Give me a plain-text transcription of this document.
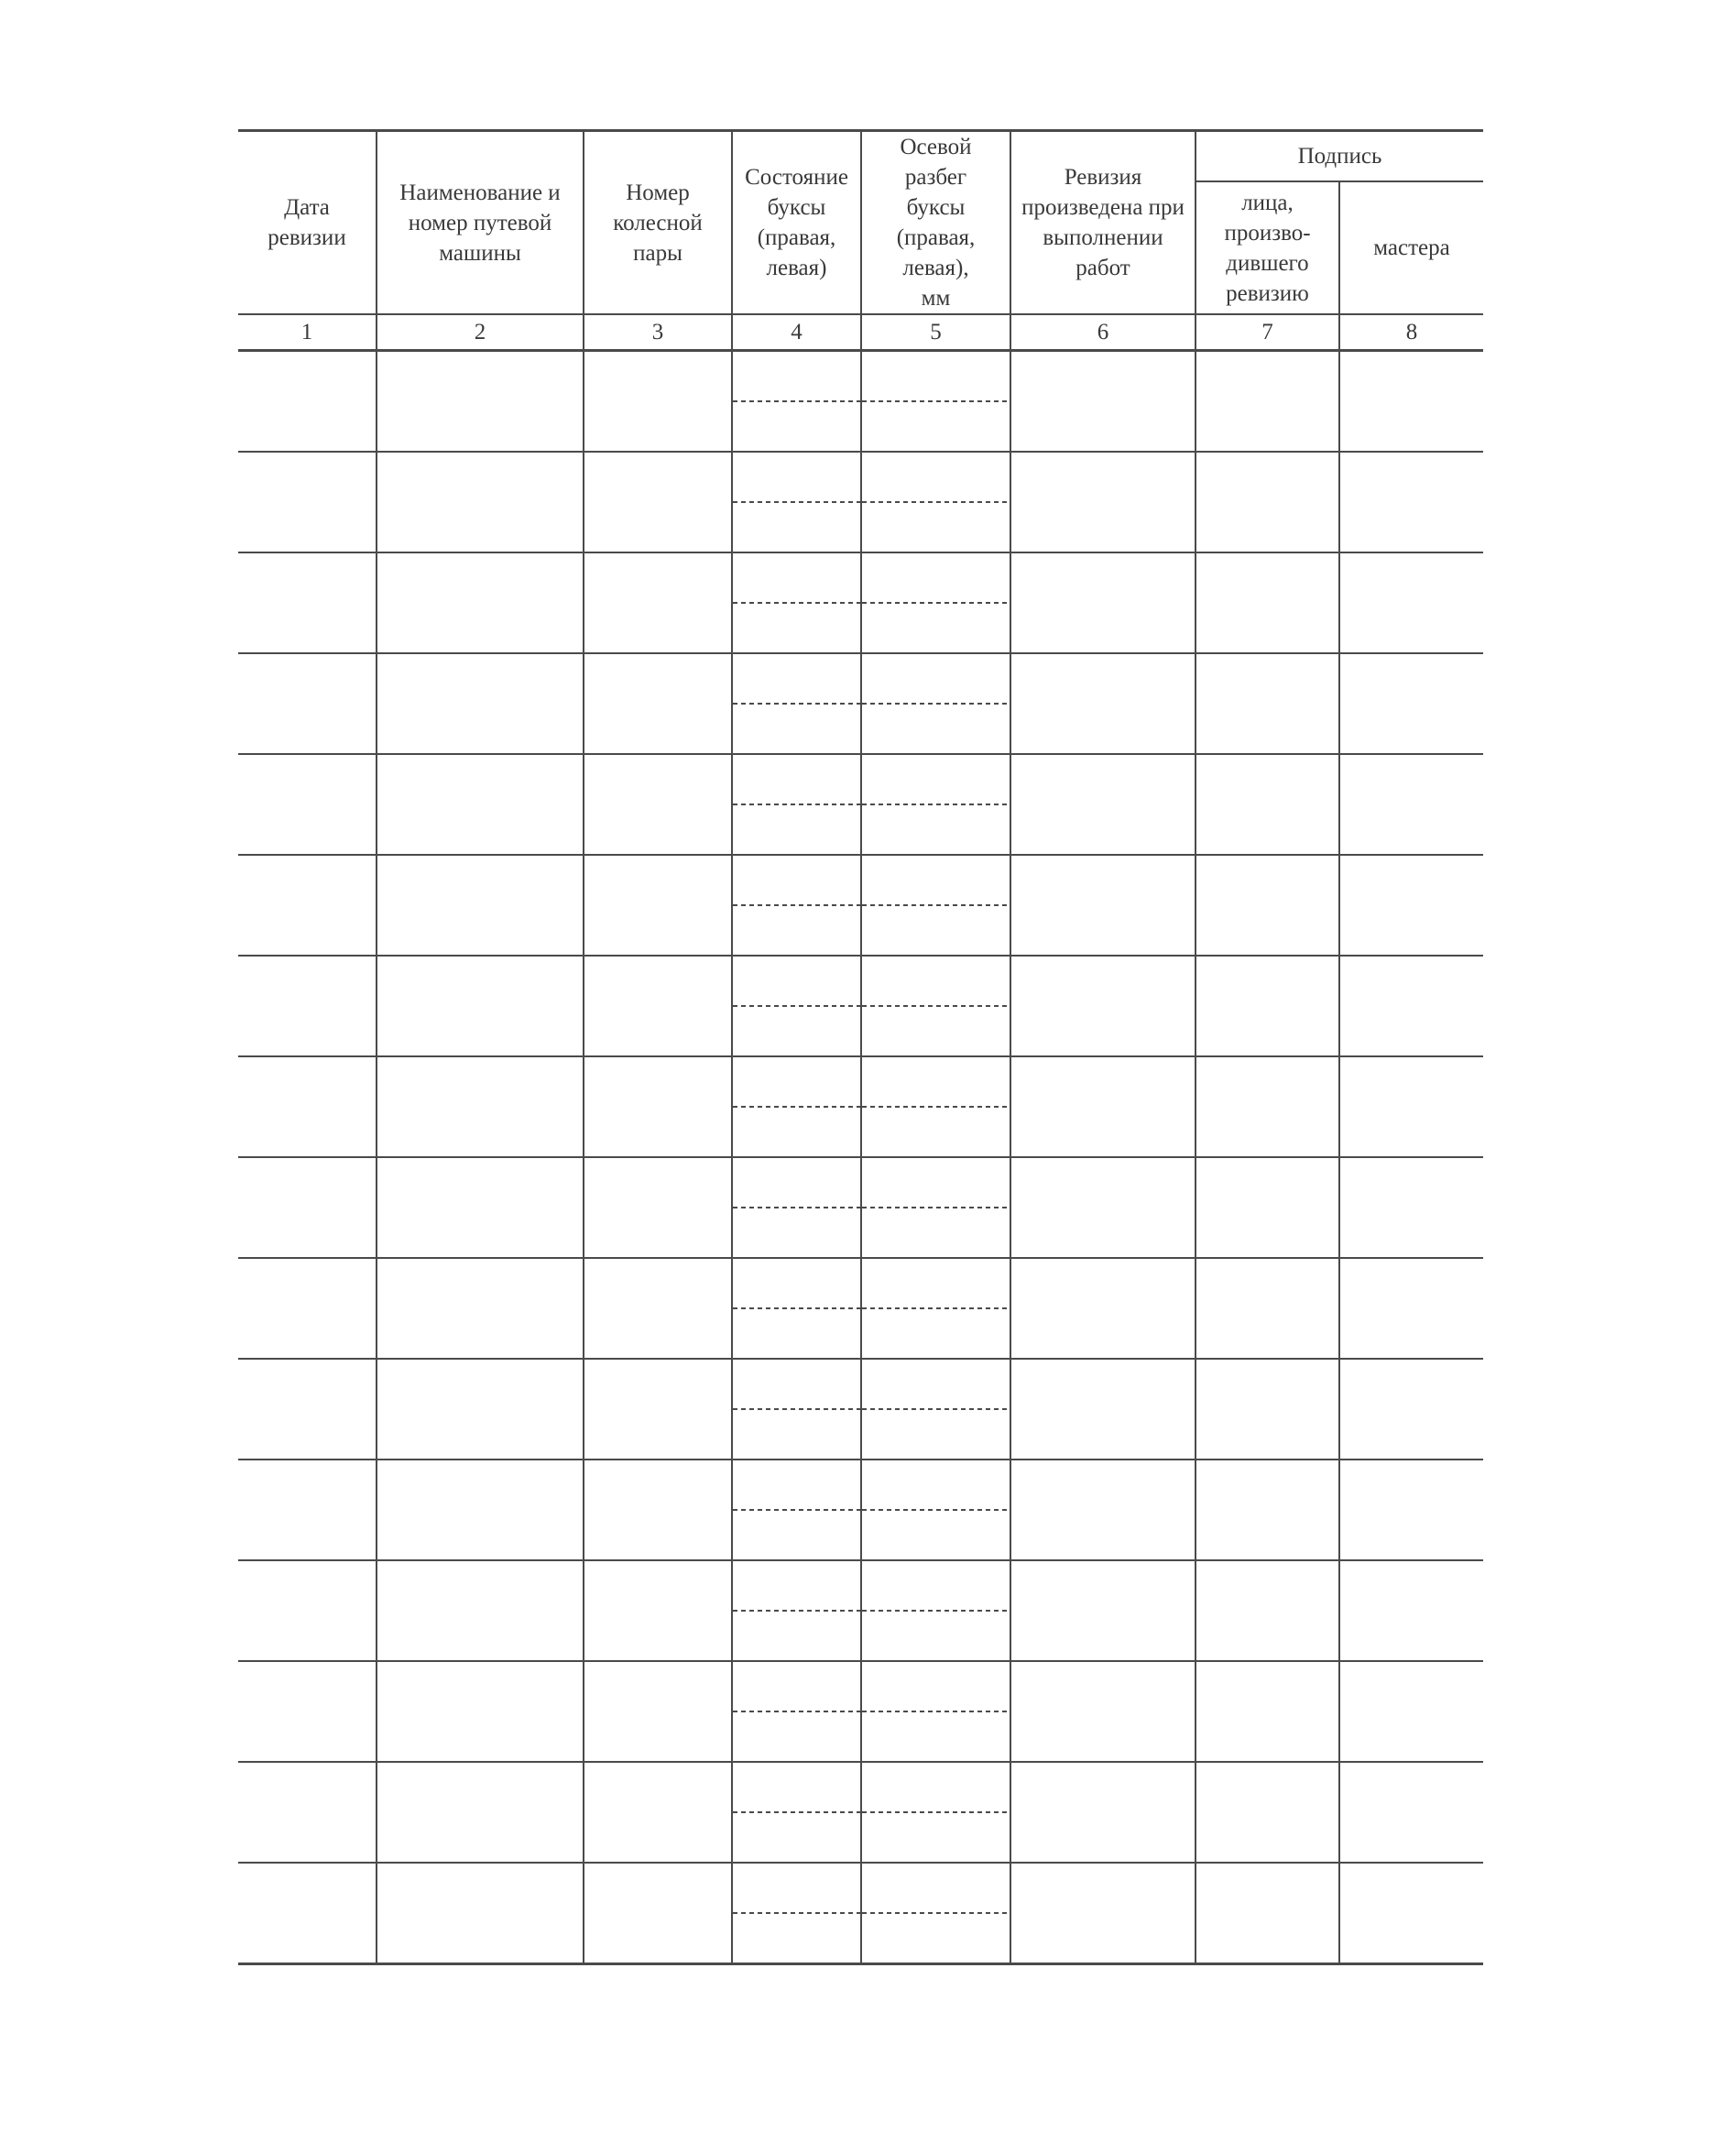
Дата ревизии	Наименование и номер путевой машины	Номер колесной пары	Состояние буксы (правая, левая)	Осевой разбег буксы (правая, левая), мм	Ревизия произведена при выполнении работ	Подпись	

						лица, произво-дившего ревизию	мастера
1	2	3	4	5	6	7	8
